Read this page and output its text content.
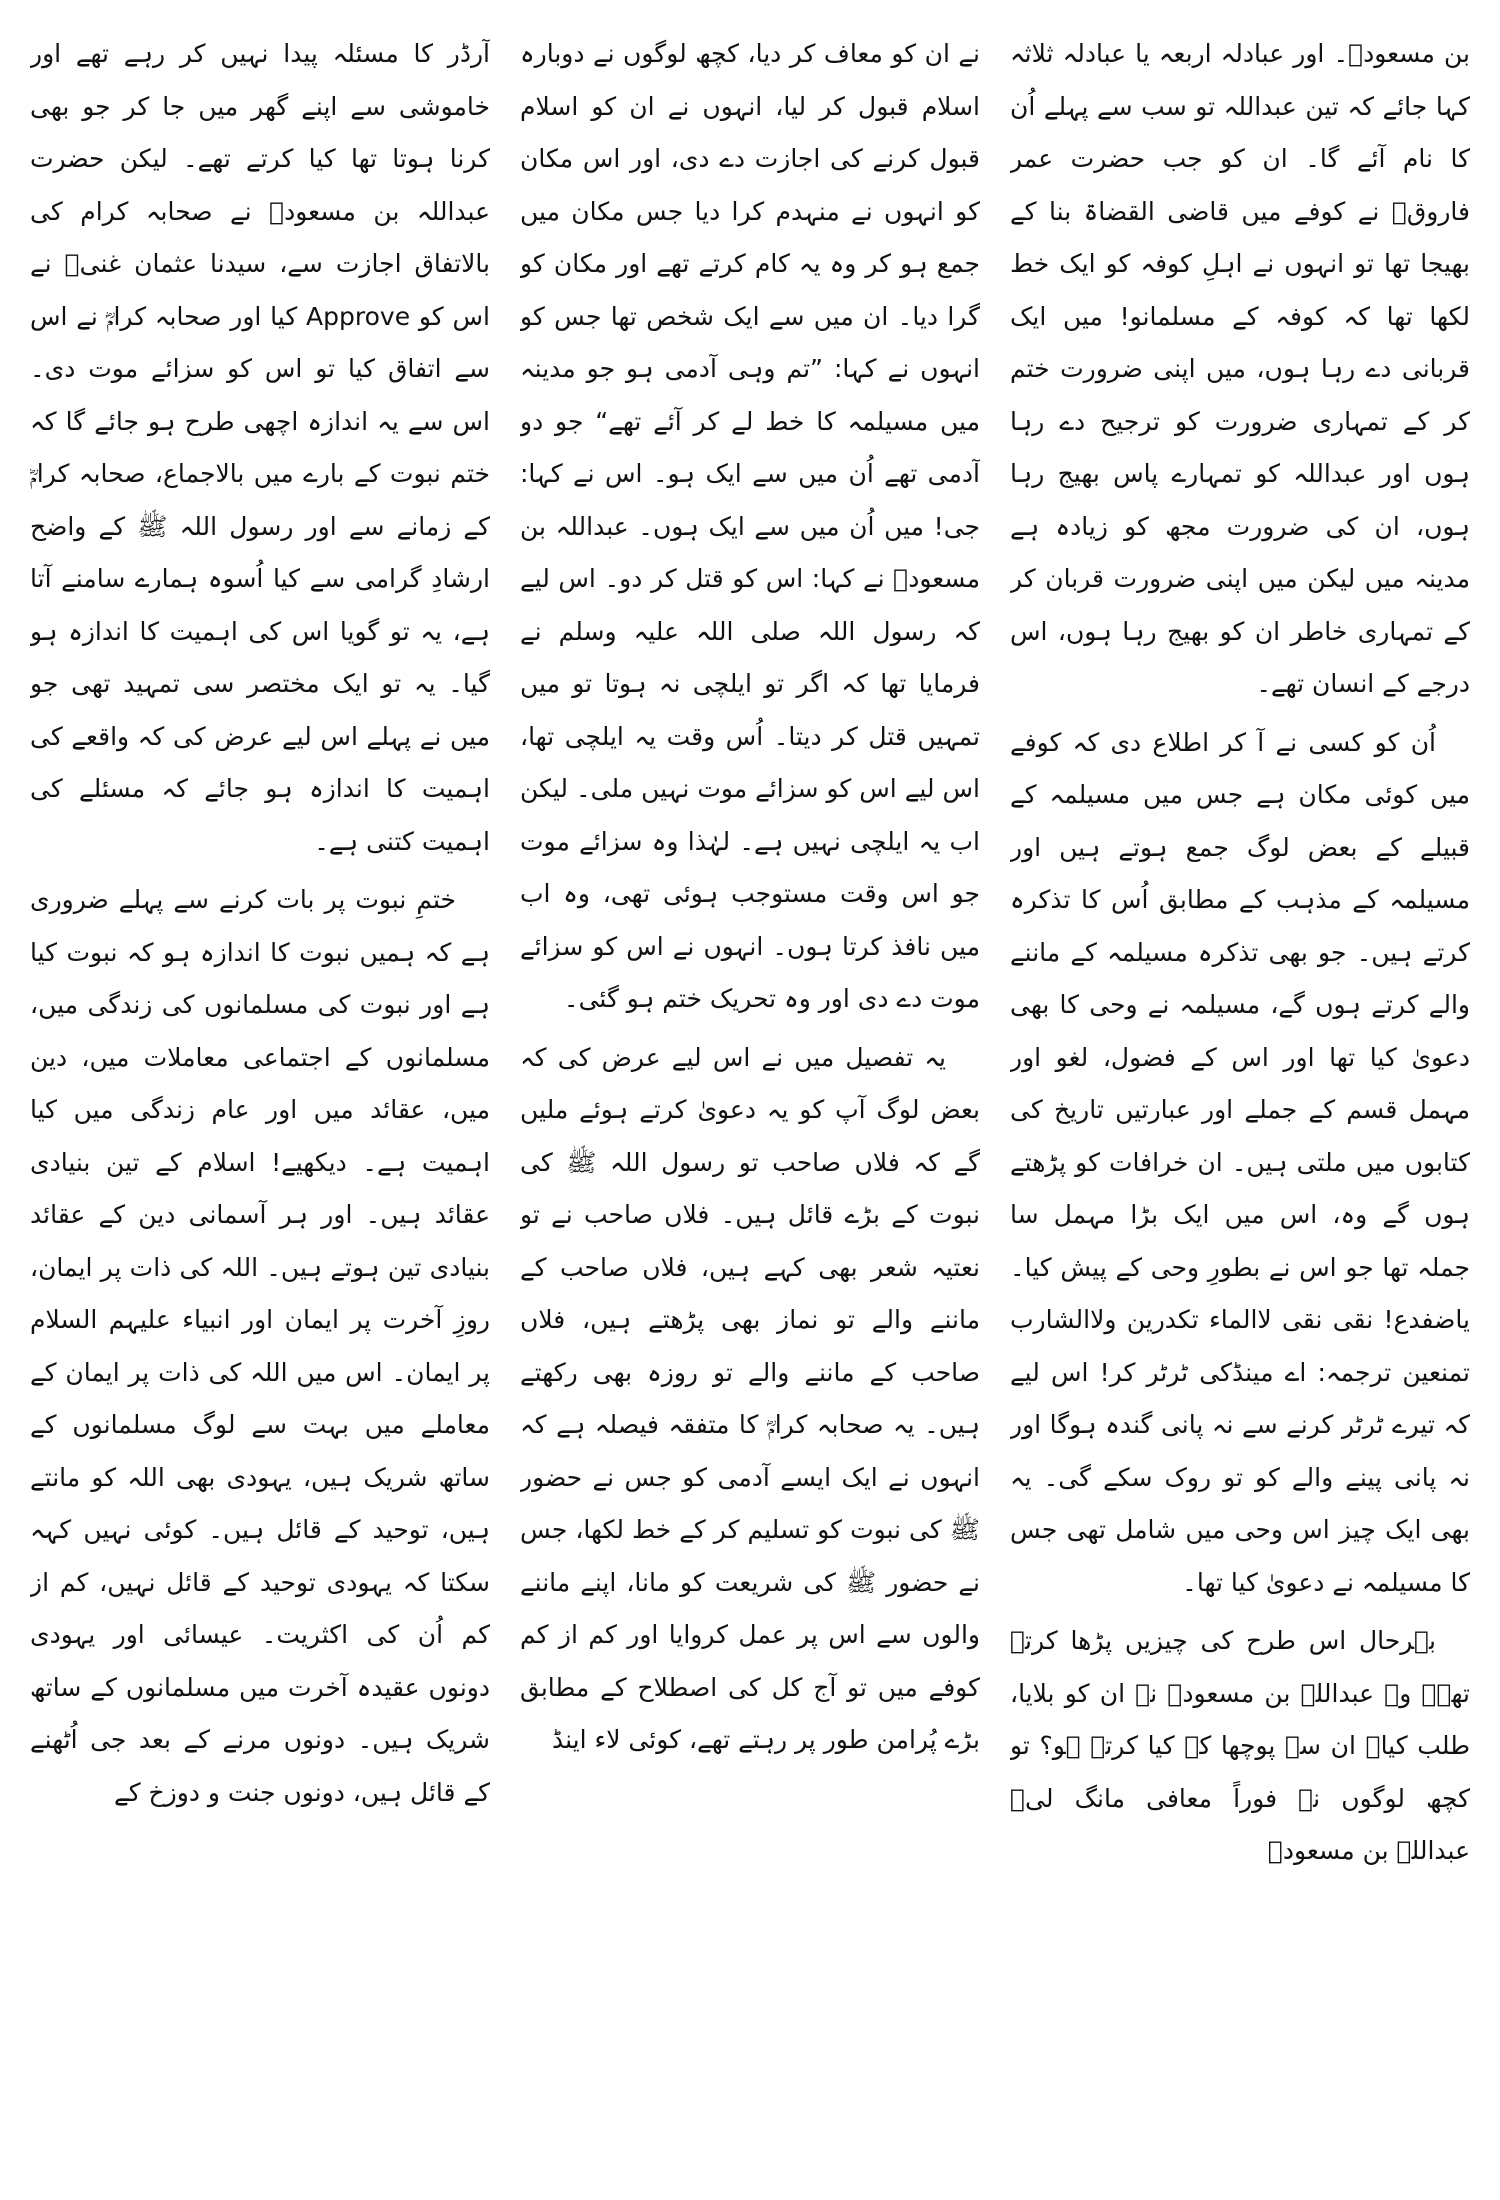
بن مسعودؓ۔ اور عبادلہ اربعہ یا عبادلہ ثلاثہ کہا جائے کہ تین عبداللہ تو سب سے پہلے اُن کا نام آئے گا۔ ان کو جب حضرت عمر فاروقؓ نے کوفے میں قاضی القضاۃ بنا کے بھیجا تھا تو انہوں نے اہلِ کوفہ کو ایک خط لکھا تھا کہ کوفہ کے مسلمانو! میں ایک قربانی دے رہا ہوں، میں اپنی ضرورت ختم کر کے تمہاری ضرورت کو ترجیح دے رہا ہوں اور عبداللہ کو تمہارے پاس بھیج رہا ہوں، ان کی ضرورت مجھ کو زیادہ ہے مدینہ میں لیکن میں اپنی ضرورت قربان کر کے تمہاری خاطر ان کو بھیج رہا ہوں، اس درجے کے انسان تھے۔

اُن کو کسی نے آ کر اطلاع دی کہ کوفے میں کوئی مکان ہے جس میں مسیلمہ کے قبیلے کے بعض لوگ جمع ہوتے ہیں اور مسیلمہ کے مذہب کے مطابق اُس کا تذکرہ کرتے ہیں۔ جو بھی تذکرہ مسیلمہ کے ماننے والے کرتے ہوں گے، مسیلمہ نے وحی کا بھی دعویٰ کیا تھا اور اس کے فضول، لغو اور مہمل قسم کے جملے اور عبارتیں تاریخ کی کتابوں میں ملتی ہیں۔ ان خرافات کو پڑھتے ہوں گے وہ، اس میں ایک بڑا مہمل سا جملہ تھا جو اس نے بطورِ وحی کے پیش کیا۔ یاضفدع! نقی نقی لاالماء تکدرین ولاالشارب تمنعین ترجمہ: اے مینڈکی ٹرٹر کر! اس لیے کہ تیرے ٹرٹر کرنے سے نہ پانی گندہ ہوگا اور نہ پانی پینے والے کو تو روک سکے گی۔ یہ بھی ایک چیز اس وحی میں شامل تھی جس کا مسیلمہ نے دعویٰ کیا تھا۔

بہرحال اس طرح کی چیزیں پڑھا کرتے تھے۔ وہ عبداللہ بن مسعودؓ نے ان کو بلایا، طلب کیا۔ ان سے پوچھا کہ کیا کرتے ہو؟ تو کچھ لوگوں نے فوراً معافی مانگ لی۔ عبداللہ بن مسعودؓ

نے ان کو معاف کر دیا، کچھ لوگوں نے دوبارہ اسلام قبول کر لیا، انہوں نے ان کو اسلام قبول کرنے کی اجازت دے دی، اور اس مکان کو انہوں نے منہدم کرا دیا جس مکان میں جمع ہو کر وہ یہ کام کرتے تھے اور مکان کو گرا دیا۔ ان میں سے ایک شخص تھا جس کو انہوں نے کہا: ”تم وہی آدمی ہو جو مدینہ میں مسیلمہ کا خط لے کر آئے تھے“ جو دو آدمی تھے اُن میں سے ایک ہو۔ اس نے کہا: جی! میں اُن میں سے ایک ہوں۔ عبداللہ بن مسعودؓ نے کہا: اس کو قتل کر دو۔ اس لیے کہ رسول اللہ صلی اللہ علیہ وسلم نے فرمایا تھا کہ اگر تو ایلچی نہ ہوتا تو میں تمہیں قتل کر دیتا۔ اُس وقت یہ ایلچی تھا، اس لیے اس کو سزائے موت نہیں ملی۔ لیکن اب یہ ایلچی نہیں ہے۔ لہٰذا وہ سزائے موت جو اس وقت مستوجب ہوئی تھی، وہ اب میں نافذ کرتا ہوں۔ انہوں نے اس کو سزائے موت دے دی اور وہ تحریک ختم ہو گئی۔

یہ تفصیل میں نے اس لیے عرض کی کہ بعض لوگ آپ کو یہ دعویٰ کرتے ہوئے ملیں گے کہ فلاں صاحب تو رسول اللہ ﷺ کی نبوت کے بڑے قائل ہیں۔ فلاں صاحب نے تو نعتیہ شعر بھی کہے ہیں، فلاں صاحب کے ماننے والے تو نماز بھی پڑھتے ہیں، فلاں صاحب کے ماننے والے تو روزہ بھی رکھتے ہیں۔ یہ صحابہ کرامؓ کا متفقہ فیصلہ ہے کہ انہوں نے ایک ایسے آدمی کو جس نے حضور ﷺ کی نبوت کو تسلیم کر کے خط لکھا، جس نے حضور ﷺ کی شریعت کو مانا، اپنے ماننے والوں سے اس پر عمل کروایا اور کم از کم کوفے میں تو آج کل کی اصطلاح کے مطابق بڑے پُرامن طور پر رہتے تھے، کوئی لاء اینڈ

آرڈر کا مسئلہ پیدا نہیں کر رہے تھے اور خاموشی سے اپنے گھر میں جا کر جو بھی کرنا ہوتا تھا کیا کرتے تھے۔ لیکن حضرت عبداللہ بن مسعودؓ نے صحابہ کرام کی بالاتفاق اجازت سے، سیدنا عثمان غنیؓ نے اس کو Approve کیا اور صحابہ کرامؓ نے اس سے اتفاق کیا تو اس کو سزائے موت دی۔ اس سے یہ اندازہ اچھی طرح ہو جائے گا کہ ختم نبوت کے بارے میں بالاجماع، صحابہ کرامؓ کے زمانے سے اور رسول اللہ ﷺ کے واضح ارشادِ گرامی سے کیا اُسوہ ہمارے سامنے آتا ہے، یہ تو گویا اس کی اہمیت کا اندازہ ہو گیا۔ یہ تو ایک مختصر سی تمہید تھی جو میں نے پہلے اس لیے عرض کی کہ واقعے کی اہمیت کا اندازہ ہو جائے کہ مسئلے کی اہمیت کتنی ہے۔

ختمِ نبوت پر بات کرنے سے پہلے ضروری ہے کہ ہمیں نبوت کا اندازہ ہو کہ نبوت کیا ہے اور نبوت کی مسلمانوں کی زندگی میں، مسلمانوں کے اجتماعی معاملات میں، دین میں، عقائد میں اور عام زندگی میں کیا اہمیت ہے۔ دیکھیے! اسلام کے تین بنیادی عقائد ہیں۔ اور ہر آسمانی دین کے عقائد بنیادی تین ہوتے ہیں۔ اللہ کی ذات پر ایمان، روزِ آخرت پر ایمان اور انبیاء علیہم السلام پر ایمان۔ اس میں اللہ کی ذات پر ایمان کے معاملے میں بہت سے لوگ مسلمانوں کے ساتھ شریک ہیں، یہودی بھی اللہ کو مانتے ہیں، توحید کے قائل ہیں۔ کوئی نہیں کہہ سکتا کہ یہودی توحید کے قائل نہیں، کم از کم اُن کی اکثریت۔ عیسائی اور یہودی دونوں عقیدہ آخرت میں مسلمانوں کے ساتھ شریک ہیں۔ دونوں مرنے کے بعد جی اُٹھنے کے قائل ہیں، دونوں جنت و دوزخ کے
